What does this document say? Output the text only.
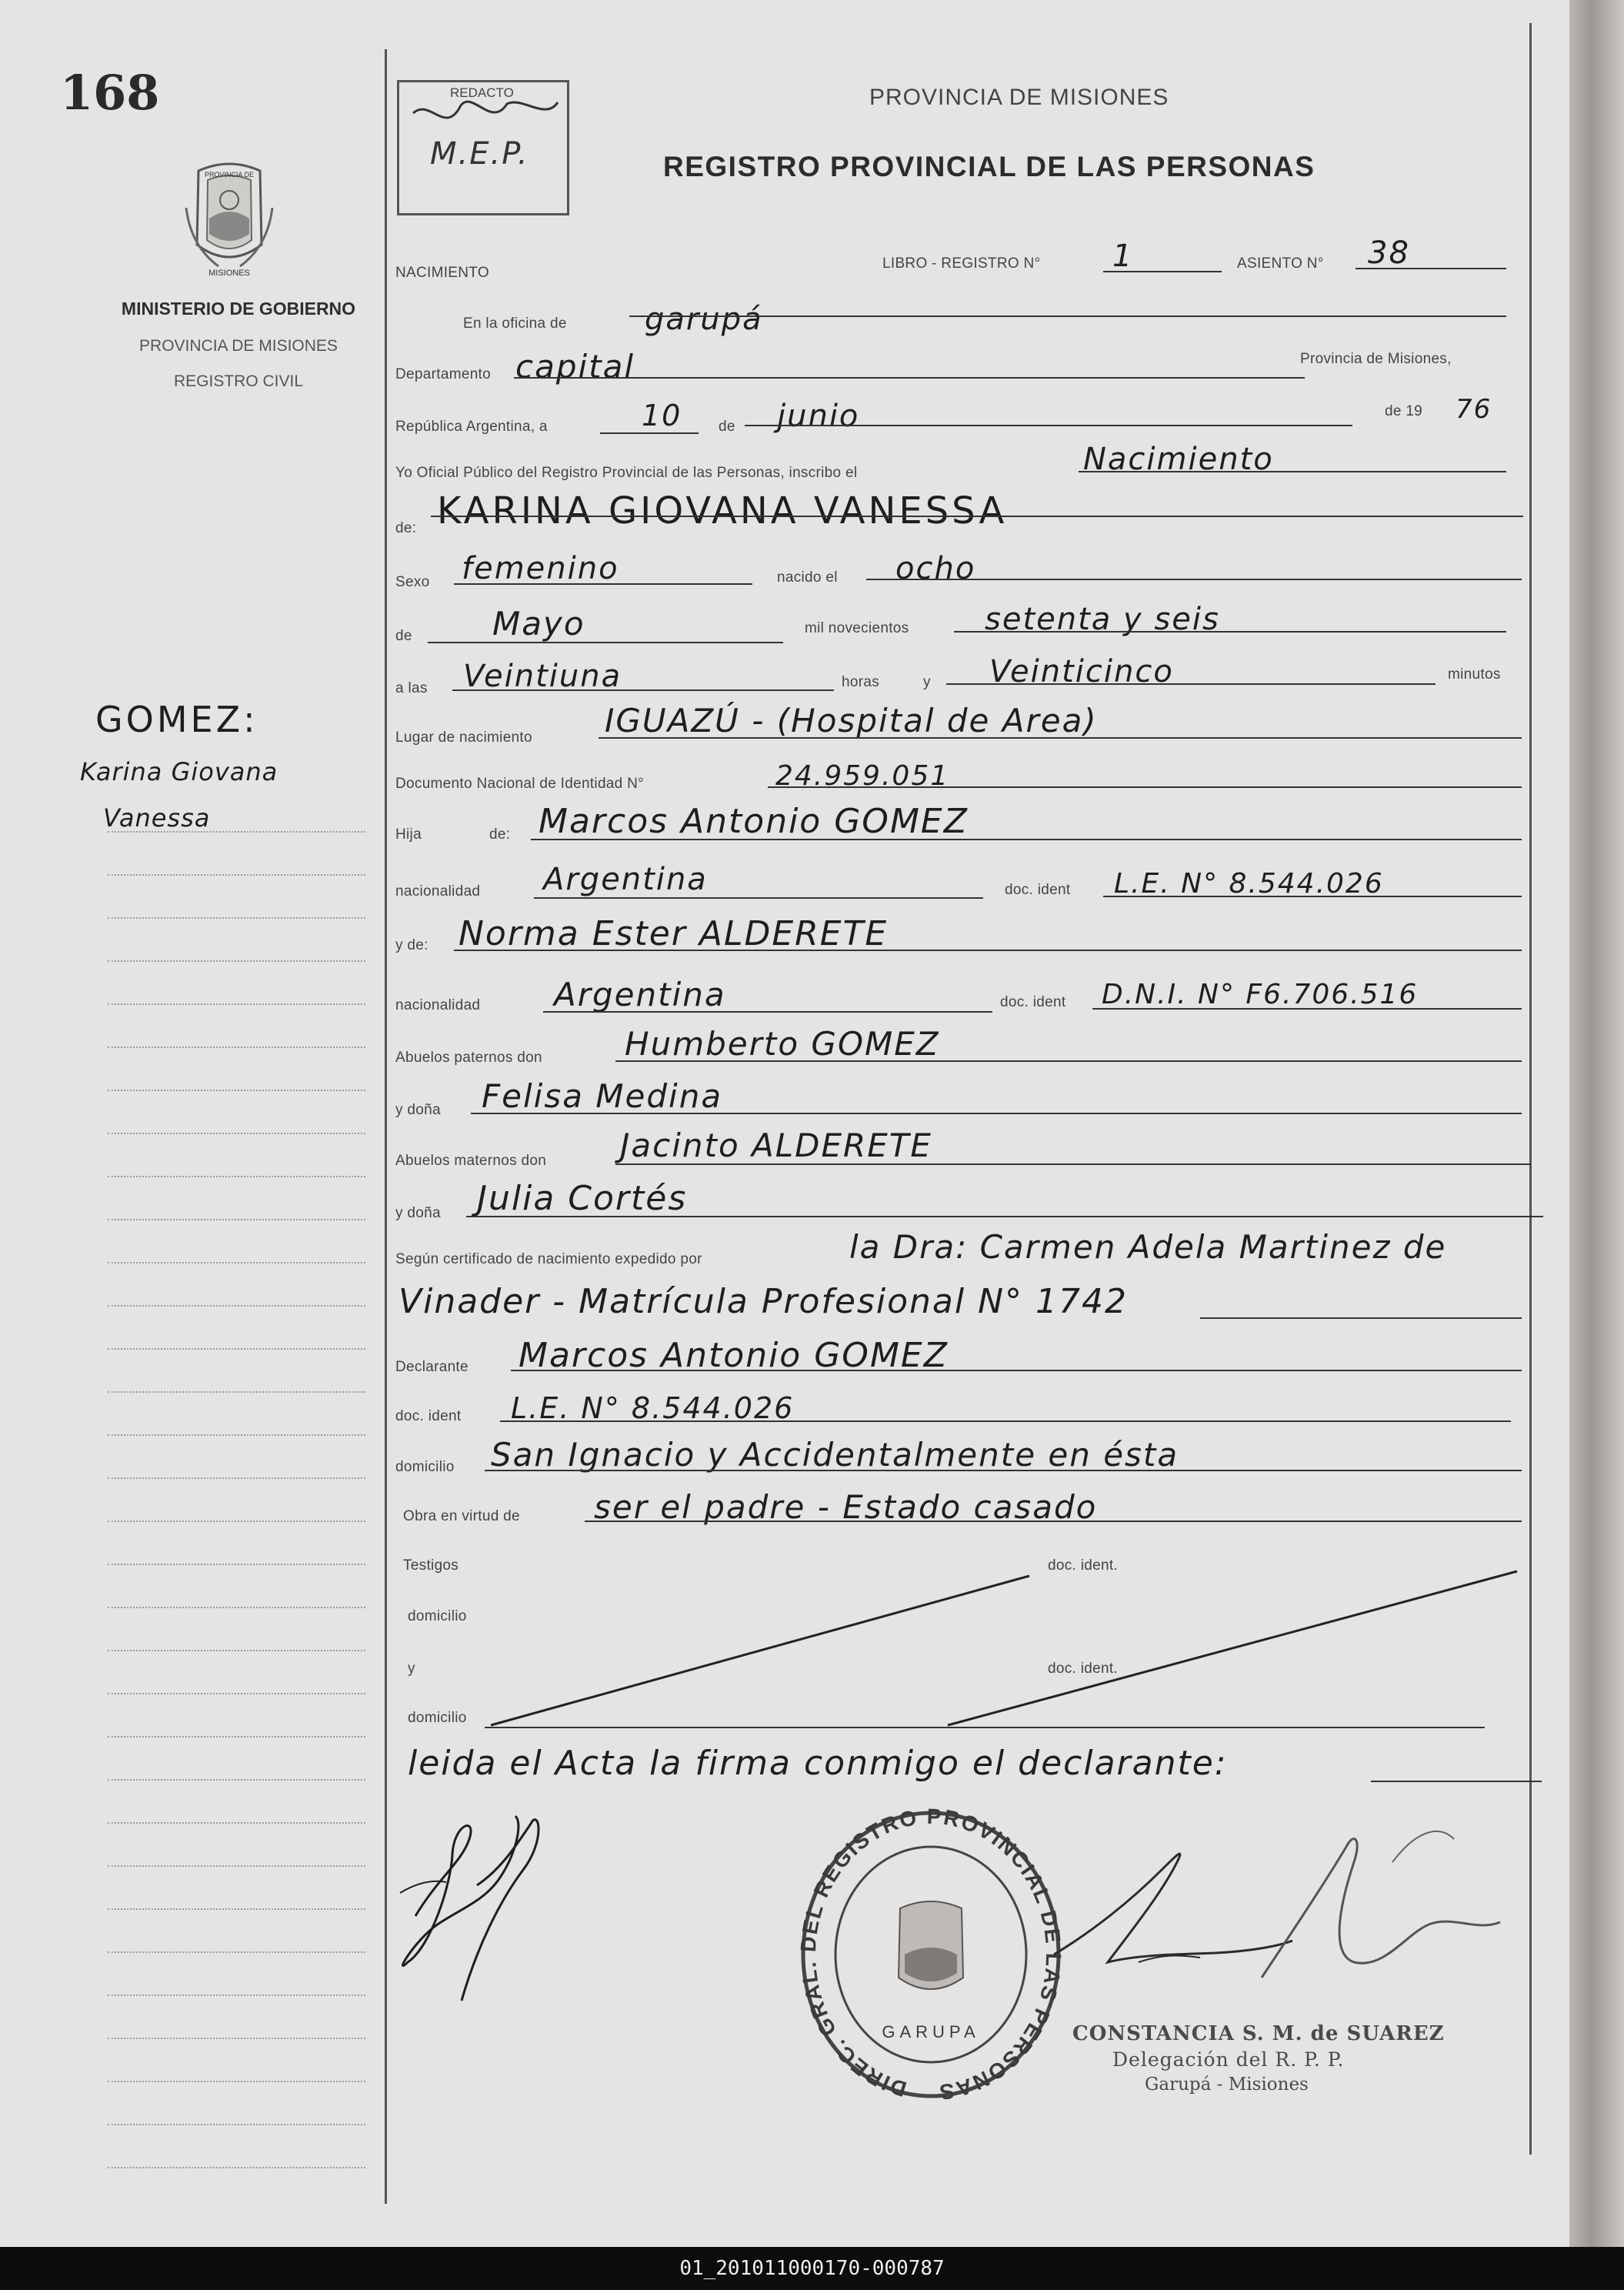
168
PROVINCIA DE
MISIONES
MINISTERIO DE GOBIERNO
PROVINCIA DE MISIONES
REGISTRO CIVIL
GOMEZ:
Karina Giovana
Vanessa
REDACTO
M.E.P.
PROVINCIA DE MISIONES
REGISTRO PROVINCIAL DE LAS PERSONAS
NACIMIENTO
LIBRO - REGISTRO N° 1	ASIENTO N° 38
En la oficina de	garupá
Departamento capital	Provincia de Misiones,
República Argentina, a	10	de junio	de 19 76
Yo Oficial Público del Registro Provincial de las Personas, inscribo el	Nacimiento
de: KARINA GIOVANA VANESSA
Sexo femenino	nacido el ocho
de Mayo	mil novecientos setenta y seis
a las Veintiuna	horas	y Veinticinco	minutos
Lugar de nacimiento IGUAZÚ - (Hospital de Area)
Documento Nacional de Identidad N°	24.959.051
Hija	de: Marcos Antonio GOMEZ
nacionalidad Argentina	doc. ident L.E. N° 8.544.026
y de: Norma Ester ALDERETE
nacionalidad Argentina	doc. ident D.N.I. N° F6.706.516
Abuelos paternos don	Humberto GOMEZ
y doña Felisa Medina
Abuelos maternos don Jacinto ALDERETE
y doña Julia Cortés
Según certificado de nacimiento expedido por	la Dra: Carmen Adela Martinez de
Vinader - Matrícula Profesional N° 1742
Declarante Marcos Antonio GOMEZ
doc. ident L.E. N° 8.544.026
domicilio San Ignacio y Accidentalmente en ésta
Obra en virtud de ser el padre - Estado casado
Testigos	doc. ident.
domicilio
y	doc. ident.
domicilio
leida el Acta la firma conmigo el declarante:
DIREC. GRAL. DEL REGISTRO PROVINCIAL DE LAS PERSONAS
GARUPA	CONSTANCIA S. M. de SUAREZ
Delegación del R. P. P.
Garupá - Misiones
01_201011000170-000787
